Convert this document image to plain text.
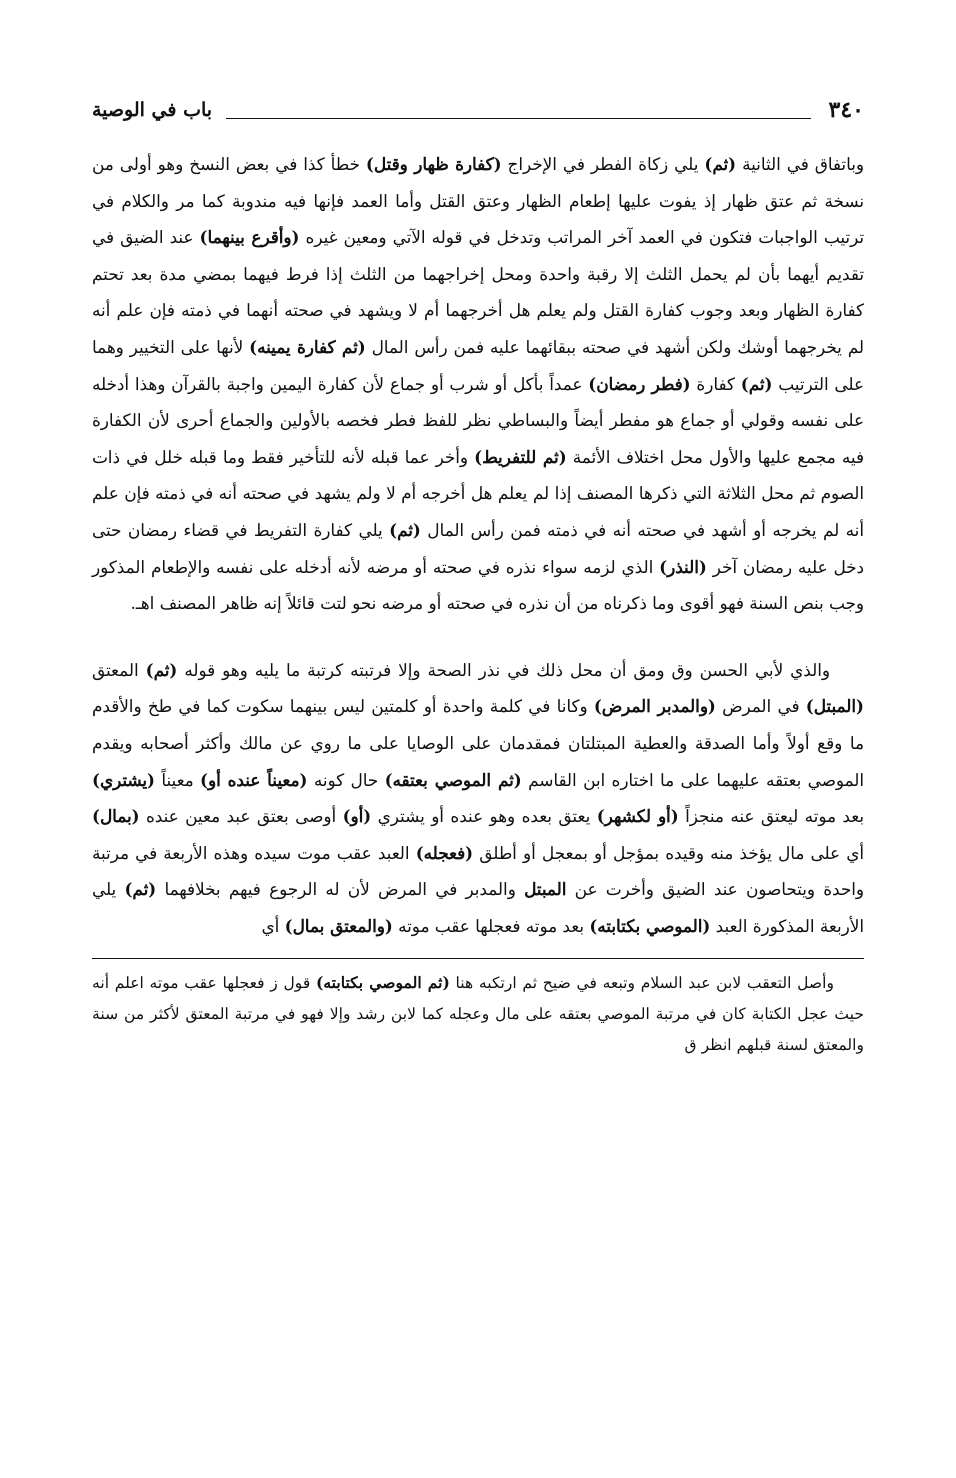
٣٤٠
باب في الوصية

وباتفاق في الثانية (ثم) يلي زكاة الفطر في الإخراج (كفارة ظهار وقتل) خطأ كذا في بعض النسخ وهو أولى من نسخة ثم عتق ظهار إذ يفوت عليها إطعام الظهار وعتق القتل وأما العمد فإنها فيه مندوبة كما مر والكلام في ترتيب الواجبات فتكون في العمد آخر المراتب وتدخل في قوله الآتي ومعين غيره (وأقرع بينهما) عند الضيق في تقديم أيهما بأن لم يحمل الثلث إلا رقبة واحدة ومحل إخراجهما من الثلث إذا فرط فيهما بمضي مدة بعد تحتم كفارة الظهار وبعد وجوب كفارة القتل ولم يعلم هل أخرجهما أم لا ويشهد في صحته أنهما في ذمته فإن علم أنه لم يخرجهما أوشك ولكن أشهد في صحته ببقائهما عليه فمن رأس المال (ثم كفارة يمينه) لأنها على التخيير وهما على الترتيب (ثم) كفارة (فطر رمضان) عمداً بأكل أو شرب أو جماع لأن كفارة اليمين واجبة بالقرآن وهذا أدخله على نفسه وقولي أو جماع هو مفطر أيضاً والبساطي نظر للفظ فطر فخصه بالأولين والجماع أحرى لأن الكفارة فيه مجمع عليها والأول محل اختلاف الأئمة (ثم للتفريط) وأخر عما قبله لأنه للتأخير فقط وما قبله خلل في ذات الصوم ثم محل الثلاثة التي ذكرها المصنف إذا لم يعلم هل أخرجه أم لا ولم يشهد في صحته أنه في ذمته فإن علم أنه لم يخرجه أو أشهد في صحته أنه في ذمته فمن رأس المال (ثم) يلي كفارة التفريط في قضاء رمضان حتى دخل عليه رمضان آخر (النذر) الذي لزمه سواء نذره في صحته أو مرضه لأنه أدخله على نفسه والإطعام المذكور وجب بنص السنة فهو أقوى وما ذكرناه من أن نذره في صحته أو مرضه نحو لتت قائلاً إنه ظاهر المصنف اهـ.

والذي لأبي الحسن وق ومق أن محل ذلك في نذر الصحة وإلا فرتبته كرتبة ما يليه وهو قوله (ثم) المعتق (المبتل) في المرض (والمدبر المرض) وكانا في كلمة واحدة أو كلمتين ليس بينهما سكوت كما في طخ والأقدم ما وقع أولاً وأما الصدقة والعطية المبتلتان فمقدمان على الوصايا على ما روي عن مالك وأكثر أصحابه ويقدم الموصي بعتقه عليهما على ما اختاره ابن القاسم (ثم الموصي بعتقه) حال كونه (معيناً عنده أو) معيناً (يشتري) بعد موته ليعتق عنه منجزاً (أو لكشهر) يعتق بعده وهو عنده أو يشتري (أو) أوصى بعتق عبد معين عنده (بمال) أي على مال يؤخذ منه وقيده بمؤجل أو بمعجل أو أطلق (فعجله) العبد عقب موت سيده وهذه الأربعة في مرتبة واحدة ويتحاصون عند الضيق وأخرت عن المبتل والمدبر في المرض لأن له الرجوع فيهم بخلافهما (ثم) يلي الأربعة المذكورة العبد (الموصي بكتابته) بعد موته فعجلها عقب موته (والمعتق بمال) أي

وأصل التعقب لابن عبد السلام وتبعه في ضيح ثم ارتكبه هنا (ثم الموصي بكتابته) قول ز فعجلها عقب موته اعلم أنه حيث عجل الكتابة كان في مرتبة الموصي بعتقه على مال وعجله كما لابن رشد وإلا فهو في مرتبة المعتق لأكثر من سنة والمعتق لسنة قبلهم انظر ق
